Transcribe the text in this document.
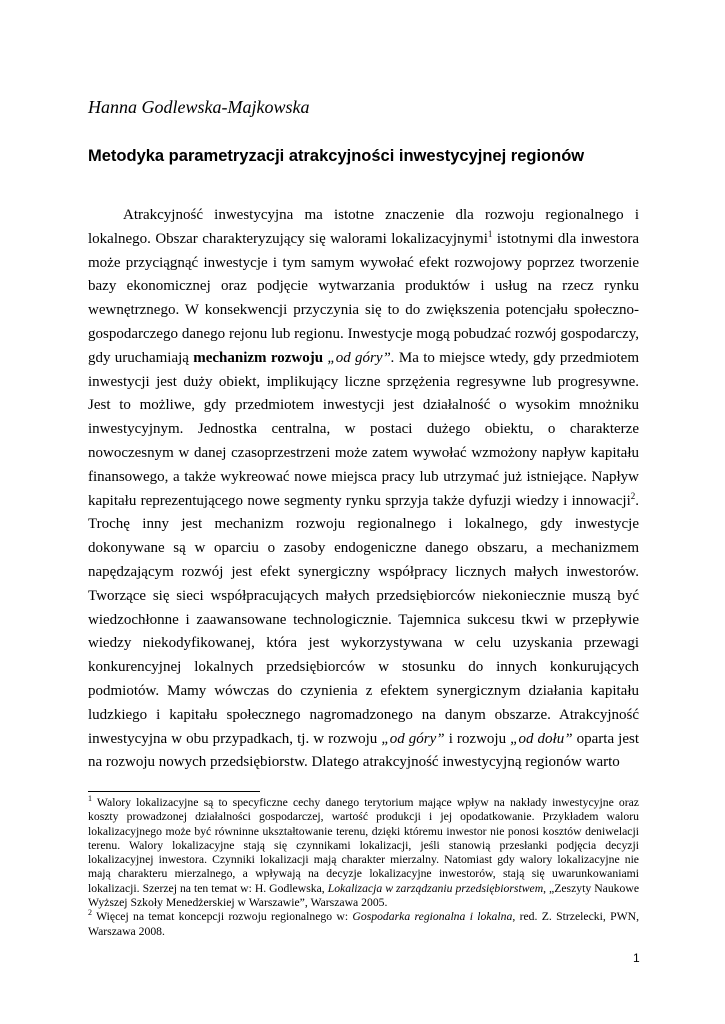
Hanna Godlewska-Majkowska
Metodyka parametryzacji atrakcyjności inwestycyjnej regionów

Atrakcyjność inwestycyjna ma istotne znaczenie dla rozwoju regionalnego i lokalnego. Obszar charakteryzujący się walorami lokalizacyjnymi$^1$ istotnymi dla inwestora może przyciągnąć inwestycje i tym samym wywołać efekt rozwojowy poprzez tworzenie bazy ekonomicznej oraz podjęcie wytwarzania produktów i usług na rzecz rynku wewnętrznego. W konsekwencji przyczynia się to do zwiększenia potencjału społeczno-gospodarczego danego rejonu lub regionu. Inwestycje mogą pobudzać rozwój gospodarczy, gdy uruchamiają mechanizm rozwoju „od góry”. Ma to miejsce wtedy, gdy przedmiotem inwestycji jest duży obiekt, implikujący liczne sprzężenia regresywne lub progresywne. Jest to możliwe, gdy przedmiotem inwestycji jest działalność o wysokim mnożniku inwestycyjnym. Jednostka centralna, w postaci dużego obiektu, o charakterze nowoczesnym w danej czasoprzestrzeni może zatem wywołać wzmożony napływ kapitału finansowego, a także wykreować nowe miejsca pracy lub utrzymać już istniejące. Napływ kapitału reprezentującego nowe segmenty rynku sprzyja także dyfuzji wiedzy i innowacji$^2$. Trochę inny jest mechanizm rozwoju regionalnego i lokalnego, gdy inwestycje dokonywane są w oparciu o zasoby endogeniczne danego obszaru, a mechanizmem napędzającym rozwój jest efekt synergiczny współpracy licznych małych inwestorów. Tworzące się sieci współpracujących małych przedsiębiorców niekoniecznie muszą być wiedzochłonne i zaawansowane technologicznie. Tajemnica sukcesu tkwi w przepływie wiedzy niekodyfikowanej, która jest wykorzystywana w celu uzyskania przewagi konkurencyjnej lokalnych przedsiębiorców w stosunku do innych konkurujących podmiotów. Mamy wówczas do czynienia z efektem synergicznym działania kapitału ludzkiego i kapitału społecznego nagromadzonego na danym obszarze. Atrakcyjność inwestycyjna w obu przypadkach, tj. w rozwoju „od góry” i rozwoju „od dołu” oparta jest na rozwoju nowych przedsiębiorstw. Dlatego atrakcyjność inwestycyjną regionów warto

$^1$ Walory lokalizacyjne są to specyficzne cechy danego terytorium mające wpływ na nakłady inwestycyjne oraz koszty prowadzonej działalności gospodarczej, wartość produkcji i jej opodatkowanie. Przykładem waloru lokalizacyjnego może być równinne ukształtowanie terenu, dzięki któremu inwestor nie ponosi kosztów deniwelacji terenu. Walory lokalizacyjne stają się czynnikami lokalizacji, jeśli stanowią przesłanki podjęcia decyzji lokalizacyjnej inwestora. Czynniki lokalizacji mają charakter mierzalny. Natomiast gdy walory lokalizacyjne nie mają charakteru mierzalnego, a wpływają na decyzje lokalizacyjne inwestorów, stają się uwarunkowaniami lokalizacji. Szerzej na ten temat w: H. Godlewska, Lokalizacja w zarządzaniu przedsiębiorstwem, „Zeszyty Naukowe Wyższej Szkoły Menedżerskiej w Warszawie”, Warszawa 2005.

$^2$ Więcej na temat koncepcji rozwoju regionalnego w: Gospodarka regionalna i lokalna, red. Z. Strzelecki, PWN, Warszawa 2008.

1
